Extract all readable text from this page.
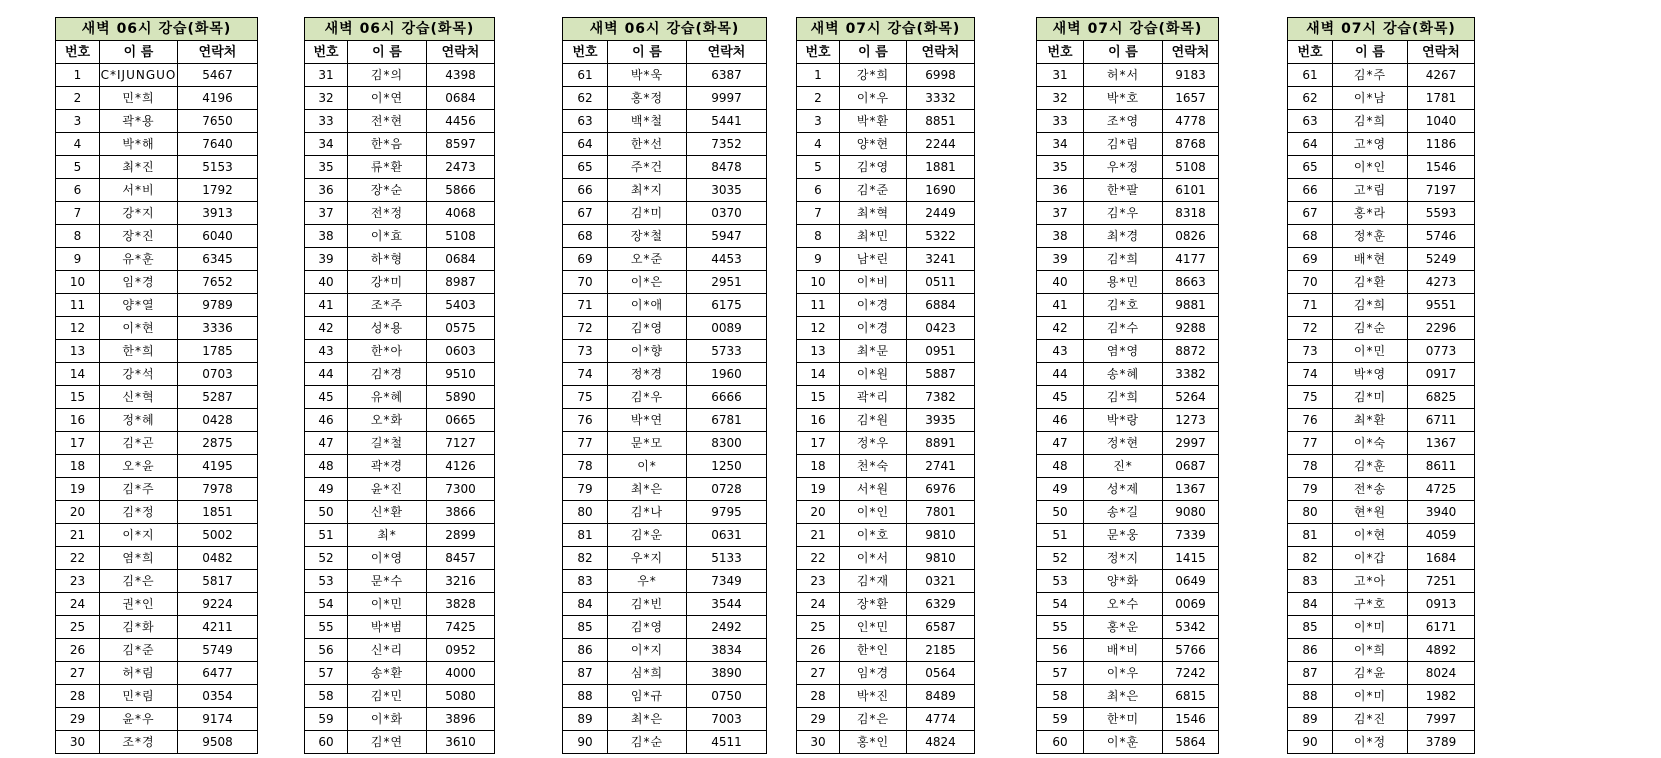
새벽 06시 강습(화목)		
번호	이 름	연락처
1	C*IJUNGUO	5467
2	민*희	4196
3	곽*용	7650
4	박*해	7640
5	최*진	5153
6	서*비	1792
7	강*지	3913
8	장*진	6040
9	유*훈	6345
10	임*경	7652
11	양*열	9789
12	이*현	3336
13	한*희	1785
14	강*석	0703
15	신*혁	5287
16	정*혜	0428
17	김*곤	2875
18	오*윤	4195
19	김*주	7978
20	김*정	1851
21	이*지	5002
22	염*희	0482
23	김*은	5817
24	권*인	9224
25	김*화	4211
26	김*준	5749
27	허*림	6477
28	민*림	0354
29	윤*우	9174
30	조*경	9508
새벽 06시 강습(화목)		
번호	이 름	연락처
31	김*의	4398
32	이*연	0684
33	전*현	4456
34	한*음	8597
35	류*환	2473
36	장*순	5866
37	전*정	4068
38	이*효	5108
39	하*형	0684
40	강*미	8987
41	조*주	5403
42	성*용	0575
43	한*아	0603
44	김*경	9510
45	유*혜	5890
46	오*화	0665
47	길*철	7127
48	곽*경	4126
49	윤*진	7300
50	신*환	3866
51	최*	2899
52	이*영	8457
53	문*수	3216
54	이*민	3828
55	박*범	7425
56	신*리	0952
57	송*환	4000
58	김*민	5080
59	이*화	3896
60	김*연	3610
새벽 06시 강습(화목)		
번호	이 름	연락처
61	박*욱	6387
62	홍*정	9997
63	백*철	5441
64	한*선	7352
65	주*건	8478
66	최*지	3035
67	김*미	0370
68	장*철	5947
69	오*준	4453
70	이*은	2951
71	이*애	6175
72	김*영	0089
73	이*향	5733
74	정*경	1960
75	김*우	6666
76	박*연	6781
77	문*모	8300
78	이*	1250
79	최*은	0728
80	김*나	9795
81	김*운	0631
82	우*지	5133
83	우*	7349
84	김*빈	3544
85	김*영	2492
86	이*지	3834
87	심*희	3890
88	임*규	0750
89	최*은	7003
90	김*순	4511
새벽 07시 강습(화목)		
번호	이 름	연락처
1	강*희	6998
2	이*우	3332
3	박*환	8851
4	양*현	2244
5	김*영	1881
6	김*준	1690
7	최*혁	2449
8	최*민	5322
9	남*린	3241
10	이*비	0511
11	이*경	6884
12	이*경	0423
13	최*문	0951
14	이*원	5887
15	곽*리	7382
16	김*원	3935
17	정*우	8891
18	천*숙	2741
19	서*원	6976
20	이*인	7801
21	이*호	9810
22	이*서	9810
23	김*재	0321
24	장*환	6329
25	인*민	6587
26	한*인	2185
27	임*경	0564
28	박*진	8489
29	김*은	4774
30	홍*인	4824
새벽 07시 강습(화목)		
번호	이 름	연락처
31	허*서	9183
32	박*호	1657
33	조*영	4778
34	김*림	8768
35	우*정	5108
36	한*팔	6101
37	김*우	8318
38	최*경	0826
39	김*희	4177
40	용*민	8663
41	김*호	9881
42	김*수	9288
43	염*영	8872
44	송*혜	3382
45	김*희	5264
46	박*랑	1273
47	정*현	2997
48	진*	0687
49	성*제	1367
50	송*길	9080
51	문*웅	7339
52	정*지	1415
53	양*화	0649
54	오*수	0069
55	홍*운	5342
56	배*비	5766
57	이*우	7242
58	최*은	6815
59	한*미	1546
60	이*훈	5864
새벽 07시 강습(화목)		
번호	이 름	연락처
61	김*주	4267
62	이*남	1781
63	김*희	1040
64	고*영	1186
65	이*인	1546
66	고*림	7197
67	홍*라	5593
68	정*훈	5746
69	배*현	5249
70	김*환	4273
71	김*희	9551
72	김*순	2296
73	이*민	0773
74	박*영	0917
75	김*미	6825
76	최*환	6711
77	이*숙	1367
78	김*훈	8611
79	전*송	4725
80	현*원	3940
81	이*현	4059
82	이*갑	1684
83	고*아	7251
84	구*호	0913
85	이*미	6171
86	이*희	4892
87	김*윤	8024
88	이*미	1982
89	김*진	7997
90	이*정	3789
